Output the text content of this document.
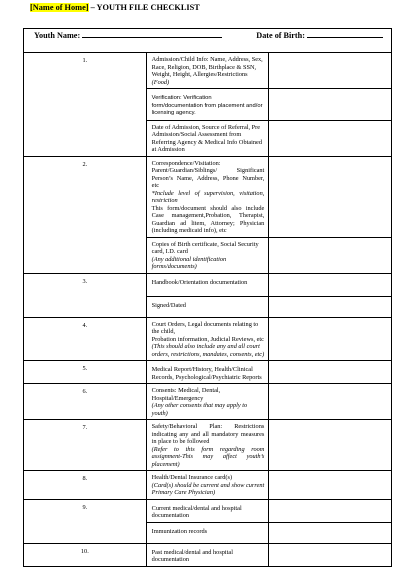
[Name of Home] – YOUTH FILE CHECKLIST
Youth Name: Date of Birth:		

1.	Admission/Child Info: Name, Address, Sex, Race, Religion, DOB, Birthplace & SSN, Weight, Height, Allergies/Restrictions (Food)	
	Verification: Verification form/documentation from placement and/or licensing agency.	
	Date of Admission, Source of Referral, Pre Admission/Social Assessment from Referring Agency & Medical Info Obtained at Admission	

2.	Correspondence/Visitation: Parent/Guardian/Siblings/ Significant Person’s Name, Address, Phone Number, etc
*Include level of supervision, visitation, restriction
This form/document should also include Case management,Probation, Therapist, Guardian ad litem, Attorney; Physician (including medicaid info), etc	

	Copies of Birth certificate, Social Security card, I.D. card
(Any additional identification forms/documents)	

3.	Handbook/Orientation documentation	
	Signed/Dated	

4.	Court Orders, Legal documents relating to the child,
Probation information, Judicial Reviews, etc
(This should also include any and all court orders, restrictions, mandates, consents, etc)	

5.	Medical Report/History, Health/Clinical Records, Psychological/Psychiatric Reports	

6.	Consents: Medical, Dental, Hospital/Emergency
(Any other consents that may apply to youth)	

7.	Safety/Behavioral Plan: Restrictions indicating any and all mandatory measures in place to be followed
(Refer to this form regarding room assignment-This may affect youth’s placement)	

8.	Health/Dental Insurance card(s)
(Card(s) should be current and show current Primary Care Physician)	

9.	Current medical/dental and hospital documentation	
	Immunization records	

10.	Past medical/dental and hospital documentation	
